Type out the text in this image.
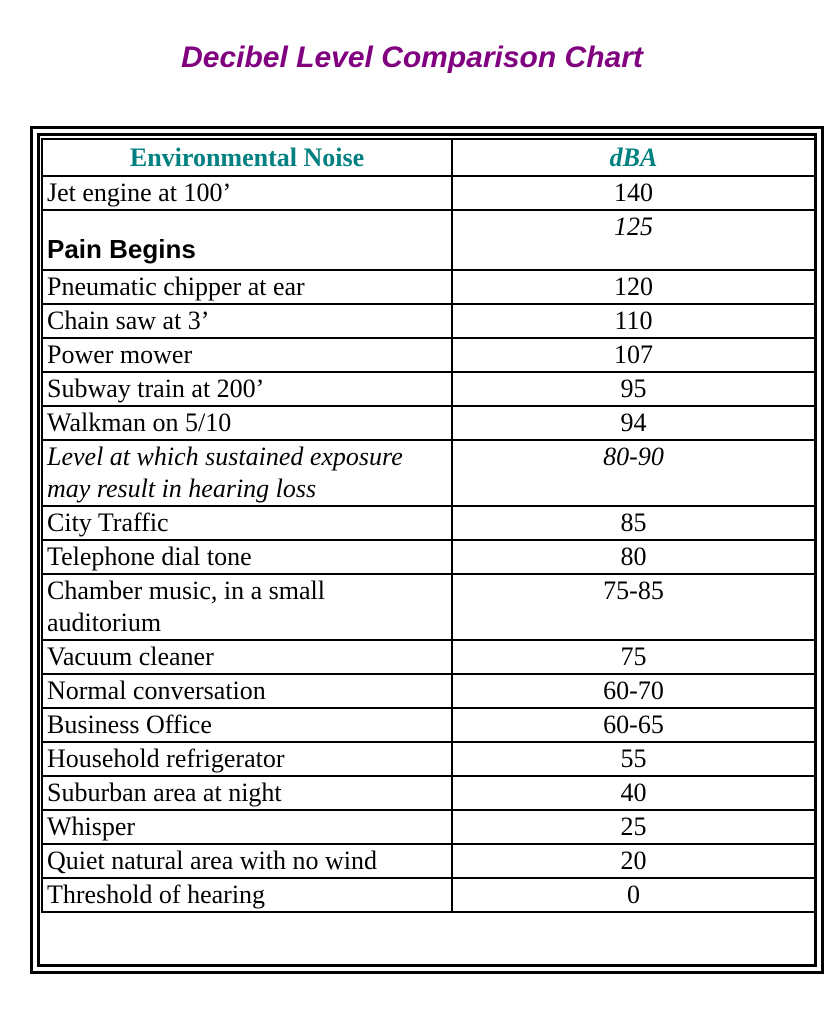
Decibel Level Comparison Chart
Environmental Noise	dBA
Jet engine at 100’	140
Pain Begins	125
Pneumatic chipper at ear	120
Chain saw at 3’	110
Power mower	107
Subway train at 200’	95
Walkman on 5/10	94
Level at which sustained exposure may result in hearing loss	80-90
City Traffic	85
Telephone dial tone	80
Chamber music, in a small auditorium	75-85
Vacuum cleaner	75
Normal conversation	60-70
Business Office	60-65
Household refrigerator	55
Suburban area at night	40
Whisper	25
Quiet natural area with no wind	20
Threshold of hearing	0
